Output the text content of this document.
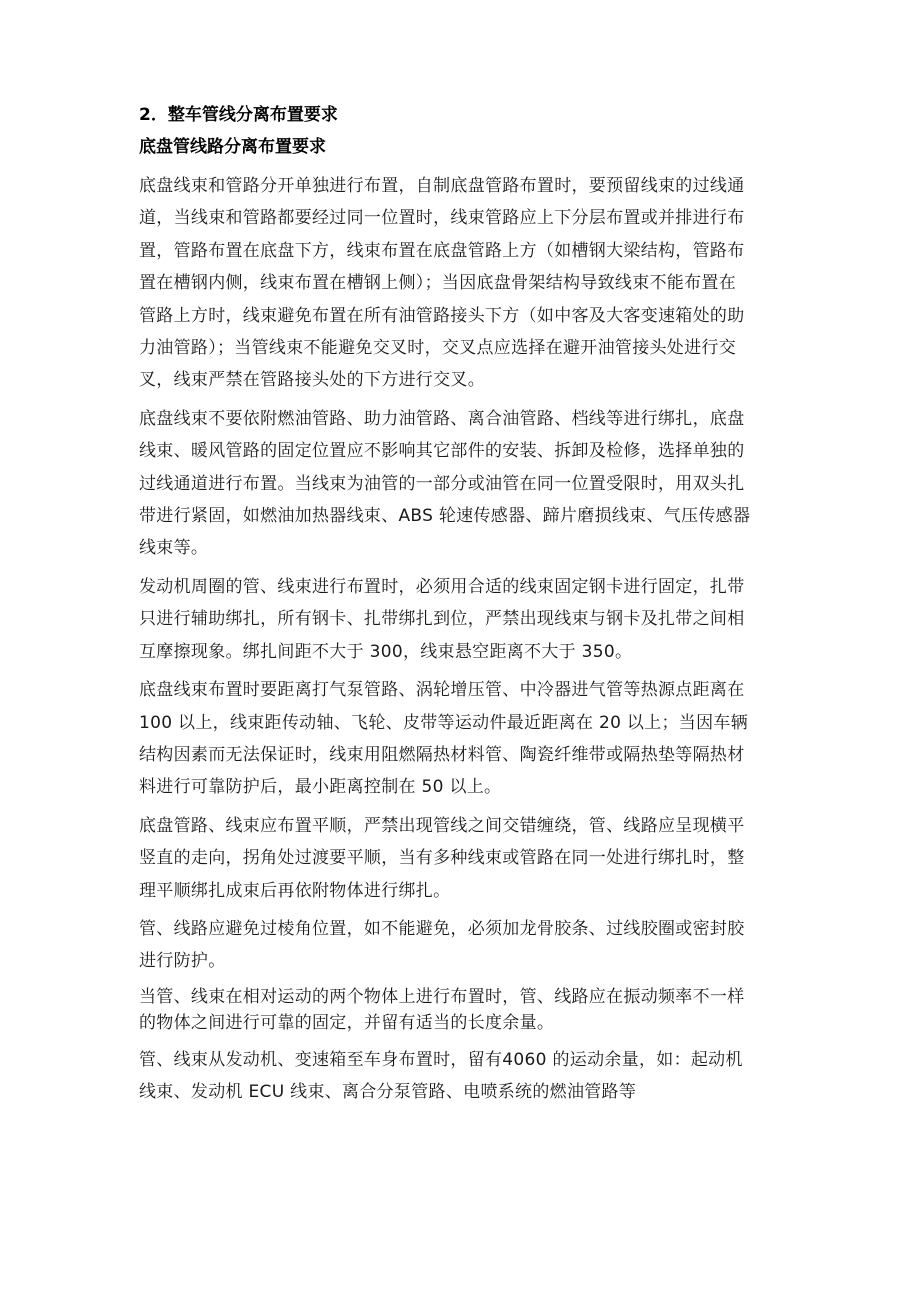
2．整车管线分离布置要求
底盘管线路分离布置要求
底盘线束和管路分开单独进行布置，自制底盘管路布置时，要预留线束的过线通
道，当线束和管路都要经过同一位置时，线束管路应上下分层布置或并排进行布
置，管路布置在底盘下方，线束布置在底盘管路上方（如槽钢大梁结构，管路布
置在槽钢内侧，线束布置在槽钢上侧）；当因底盘骨架结构导致线束不能布置在
管路上方时，线束避免布置在所有油管路接头下方（如中客及大客变速箱处的助
力油管路）；当管线束不能避免交叉时，交叉点应选择在避开油管接头处进行交
叉，线束严禁在管路接头处的下方进行交叉。
底盘线束不要依附燃油管路、助力油管路、离合油管路、档线等进行绑扎，底盘
线束、暖风管路的固定位置应不影响其它部件的安装、拆卸及检修，选择单独的
过线通道进行布置。当线束为油管的一部分或油管在同一位置受限时，用双头扎
带进行紧固，如燃油加热器线束、ABS 轮速传感器、蹄片磨损线束、气压传感器
线束等。
发动机周圈的管、线束进行布置时，必须用合适的线束固定钢卡进行固定，扎带
只进行辅助绑扎，所有钢卡、扎带绑扎到位，严禁出现线束与钢卡及扎带之间相
互摩擦现象。绑扎间距不大于 300，线束悬空距离不大于 350。
底盘线束布置时要距离打气泵管路、涡轮增压管、中冷器进气管等热源点距离在
100 以上，线束距传动轴、飞轮、皮带等运动件最近距离在 20 以上；当因车辆
结构因素而无法保证时，线束用阻燃隔热材料管、陶瓷纤维带或隔热垫等隔热材
料进行可靠防护后，最小距离控制在 50 以上。
底盘管路、线束应布置平顺，严禁出现管线之间交错缠绕，管、线路应呈现横平
竖直的走向，拐角处过渡要平顺，当有多种线束或管路在同一处进行绑扎时，整
理平顺绑扎成束后再依附物体进行绑扎。
管、线路应避免过棱角位置，如不能避免，必须加龙骨胶条、过线胶圈或密封胶
进行防护。
当管、线束在相对运动的两个物体上进行布置时，管、线路应在振动频率不一样
的物体之间进行可靠的固定，并留有适当的长度余量。
管、线束从发动机、变速箱至车身布置时，留有4060 的运动余量，如：起动机
线束、发动机 ECU 线束、离合分泵管路、电喷系统的燃油管路等
